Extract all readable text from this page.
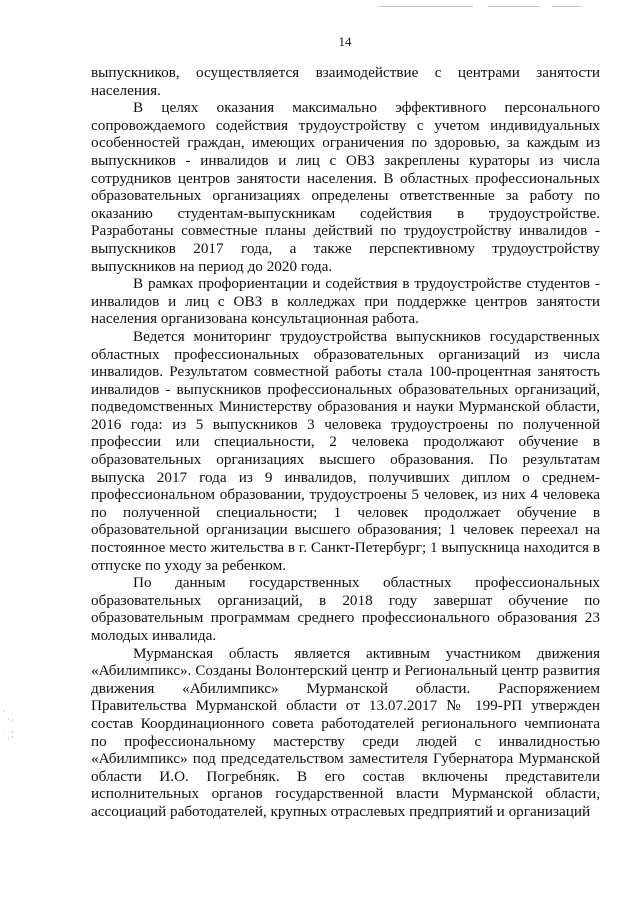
14

выпускников, осуществляется взаимодействие с центрами занятости населения.

В целях оказания максимально эффективного персонального сопровождаемого содействия трудоустройству с учетом индивидуальных особенностей граждан, имеющих ограничения по здоровью, за каждым из выпускников - инвалидов и лиц с ОВЗ закреплены кураторы из числа сотрудников центров занятости населения. В областных профессиональных образовательных организациях определены ответственные за работу по оказанию студентам-выпускникам содействия в трудоустройстве. Разработаны совместные планы действий по трудоустройству инвалидов - выпускников 2017 года, а также перспективному трудоустройству выпускников на период до 2020 года.

В рамках профориентации и содействия в трудоустройстве студентов - инвалидов и лиц с ОВЗ в колледжах при поддержке центров занятости населения организована консультационная работа.

Ведется мониторинг трудоустройства выпускников государственных областных профессиональных образовательных организаций из числа инвалидов. Результатом совместной работы стала 100-процентная занятость инвалидов - выпускников профессиональных образовательных организаций, подведомственных Министерству образования и науки Мурманской области, 2016 года: из 5 выпускников 3 человека трудоустроены по полученной профессии или специальности, 2 человека продолжают обучение в образовательных организациях высшего образования. По результатам выпуска 2017 года из 9 инвалидов, получивших диплом о среднем-профессиональном образовании, трудоустроены 5 человек, из них 4 человека по полученной специальности; 1 человек продолжает обучение в образовательной организации высшего образования; 1 человек переехал на постоянное место жительства в г. Санкт-Петербург; 1 выпускница находится в отпуске по уходу за ребенком.

По данным государственных областных профессиональных образовательных организаций, в 2018 году завершат обучение по образовательным программам среднего профессионального образования 23 молодых инвалида.

Мурманская область является активным участником движения «Абилимпикс». Созданы Волонтерский центр и Региональный центр развития движения «Абилимпикс» Мурманской области. Распоряжением Правительства Мурманской области от 13.07.2017 № 199-РП утвержден состав Координационного совета работодателей регионального чемпионата по профессиональному мастерству среди людей с инвалидностью «Абилимпикс» под председательством заместителя Губернатора Мурманской области И.О. Погребняк. В его состав включены представители исполнительных органов государственной власти Мурманской области, ассоциаций работодателей, крупных отраслевых предприятий и организаций

· .
'·
· ,
·'
